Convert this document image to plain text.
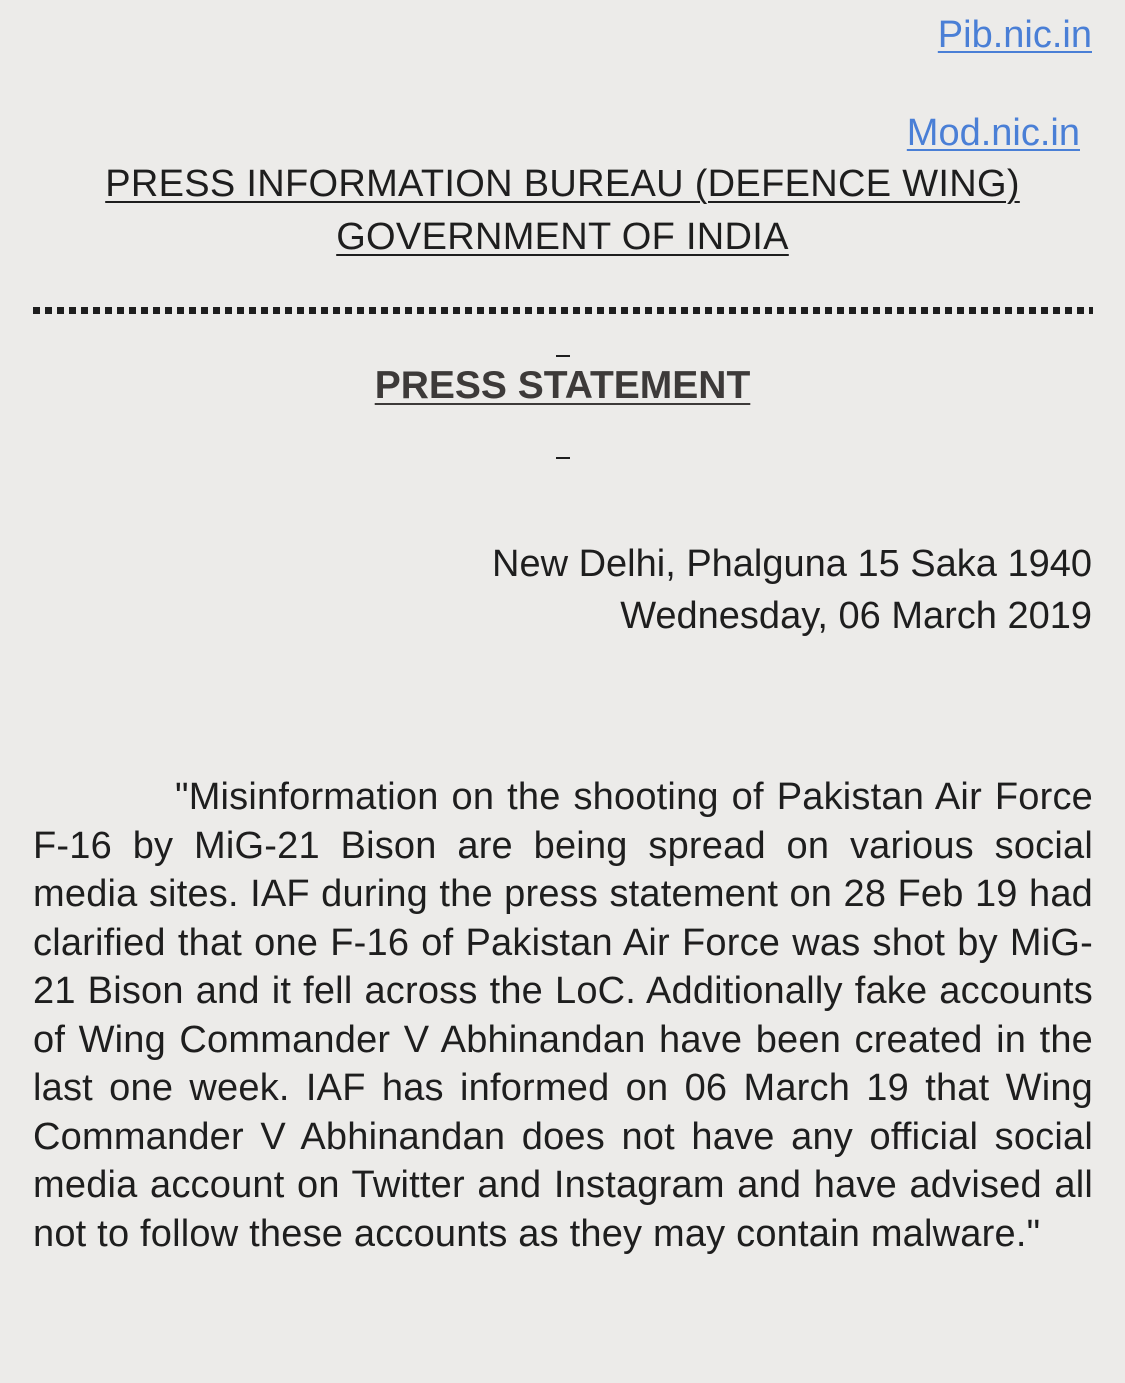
Pib.nic.in
Mod.nic.in
PRESS INFORMATION BUREAU (DEFENCE WING)
GOVERNMENT OF INDIA
PRESS STATEMENT
New Delhi, Phalguna 15 Saka 1940
Wednesday, 06 March 2019

"Misinformation on the shooting of Pakistan Air Force F-16 by MiG-21 Bison are being spread on various social media sites. IAF during the press statement on 28 Feb 19 had clarified that one F-16 of Pakistan Air Force was shot by MiG-21 Bison and it fell across the LoC. Additionally fake accounts of Wing Commander V Abhinandan have been created in the last one week. IAF has informed on 06 March 19 that Wing Commander V Abhinandan does not have any official social media account on Twitter and Instagram and have advised all not to follow these accounts as they may contain malware."
